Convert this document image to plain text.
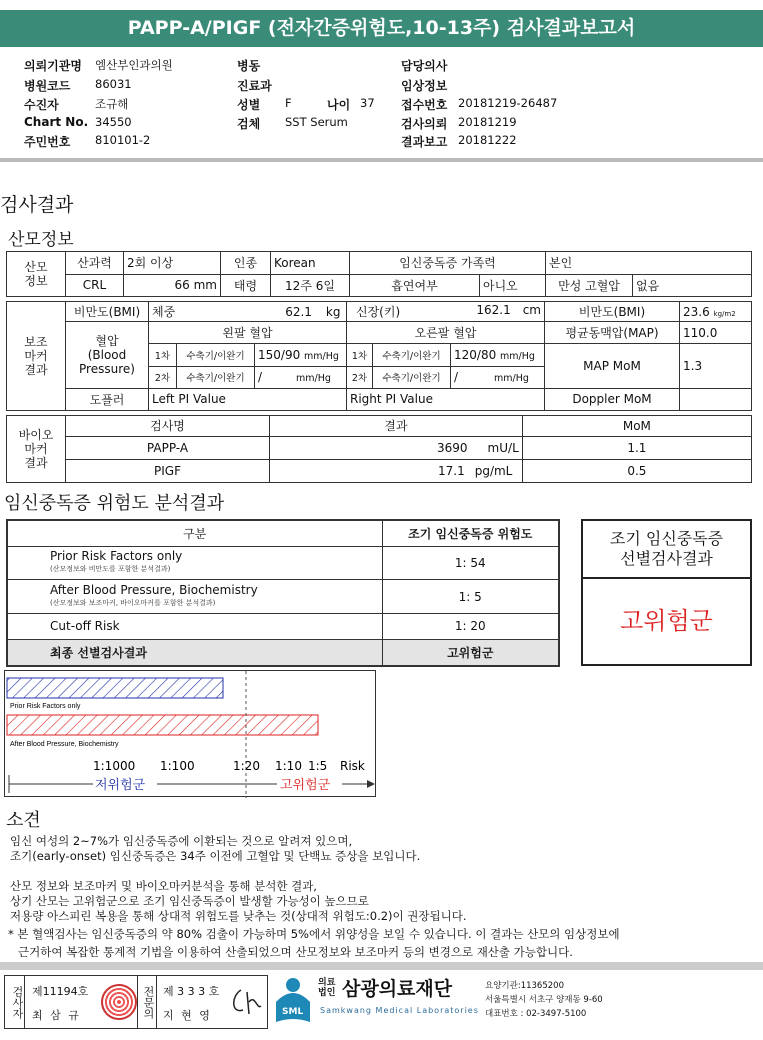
PAPP-A/PIGF (전자간증위험도,10-13주) 검사결과보고서
의뢰기관명 엠산부인과의원
병원코드 86031
수진자	조규해
Chart No. 34550
주민번호 810101-2
병동
진료과
성별 F	나이 37
검체 SST Serum
담당의사
임상정보
접수번호 20181219-26487
검사의뢰 20181219
결과보고 20181222
검사결과
산모정보
산모
정보	산과력	2회 이상	인종	Korean	임신중독증 가족력		본인	
	CRL	66 mm	태령	12주 6일	흡연여부	아니오	만성 고혈압	없음
보조
마커
결과	비만도(BMI)	체중 62.1 kg			신장(키) 162.1 cm			비만도(BMI)	23.6 kg/m2
	혈압
(Blood
Pressure)	왼팔 혈압			오른팔 혈압			평균동맥압(MAP)	110.0
		1차	수축기/이완기	150/90 mm/Hg	1차	수축기/이완기	120/80 mm/Hg	MAP MoM	1.3
		2차	수축기/이완기	/ mm/Hg	2차	수축기/이완기	/ mm/Hg		
	도플러	Left PI Value			Right PI Value			Doppler MoM	
바이오
마커
결과	검사명	결과	MoM
	PAPP-A	3690 mU/L	1.1
	PIGF	17.1 pg/mL	0.5
임신중독증 위험도 분석결과
구분	조기 임신중독증 위험도
Prior Risk Factors only
(산모정보와 비만도를 포함한 분석결과)	1: 54
After Blood Pressure, Biochemistry
(산모정보와 보조마커, 바이오마커를 포함한 분석결과)	1: 5
Cut-off Risk	1: 20
최종 선별검사결과	고위험군
조기 임신중독증
선별검사결과
고위험군
Prior Risk Factors only
After Blood Pressure, Biochemistry
1:1000 1:100	1:20 1:10 1:5 Risk
저위험군	고위험군
소견
임신 여성의 2~7%가 임신중독증에 이환되는 것으로 알려져 있으며,
조기(early-onset) 임신중독증은 34주 이전에 고혈압 및 단백뇨 증상을 보입니다.
산모 정보와 보조마커 및 바이오마커분석을 통해 분석한 결과,
상기 산모는 고위험군으로 조기 임신중독증이 발생할 가능성이 높으므로
저용량 아스피린 복용을 통해 상대적 위험도를 낮추는 것(상대적 위험도:0.2)이 권장됩니다.
* 본 혈액검사는 임신중독증의 약 80% 검출이 가능하며 5%에서 위양성을 보일 수 있습니다. 이 결과는 산모의 임상정보에
근거하여 복잡한 통계적 기법을 이용하여 산출되었으며 산모정보와 보조마커 등의 변경으로 재산출 가능합니다.
검사자 제11194호
최 삼 규	전문의 제 3 3 3 호
지 현 영	SML
의료
법인 삼광의료재단
Samkwang Medical Laboratories
요양기관:11365200
서울특별시 서초구 양재동 9-60
대표번호 : 02-3497-5100
